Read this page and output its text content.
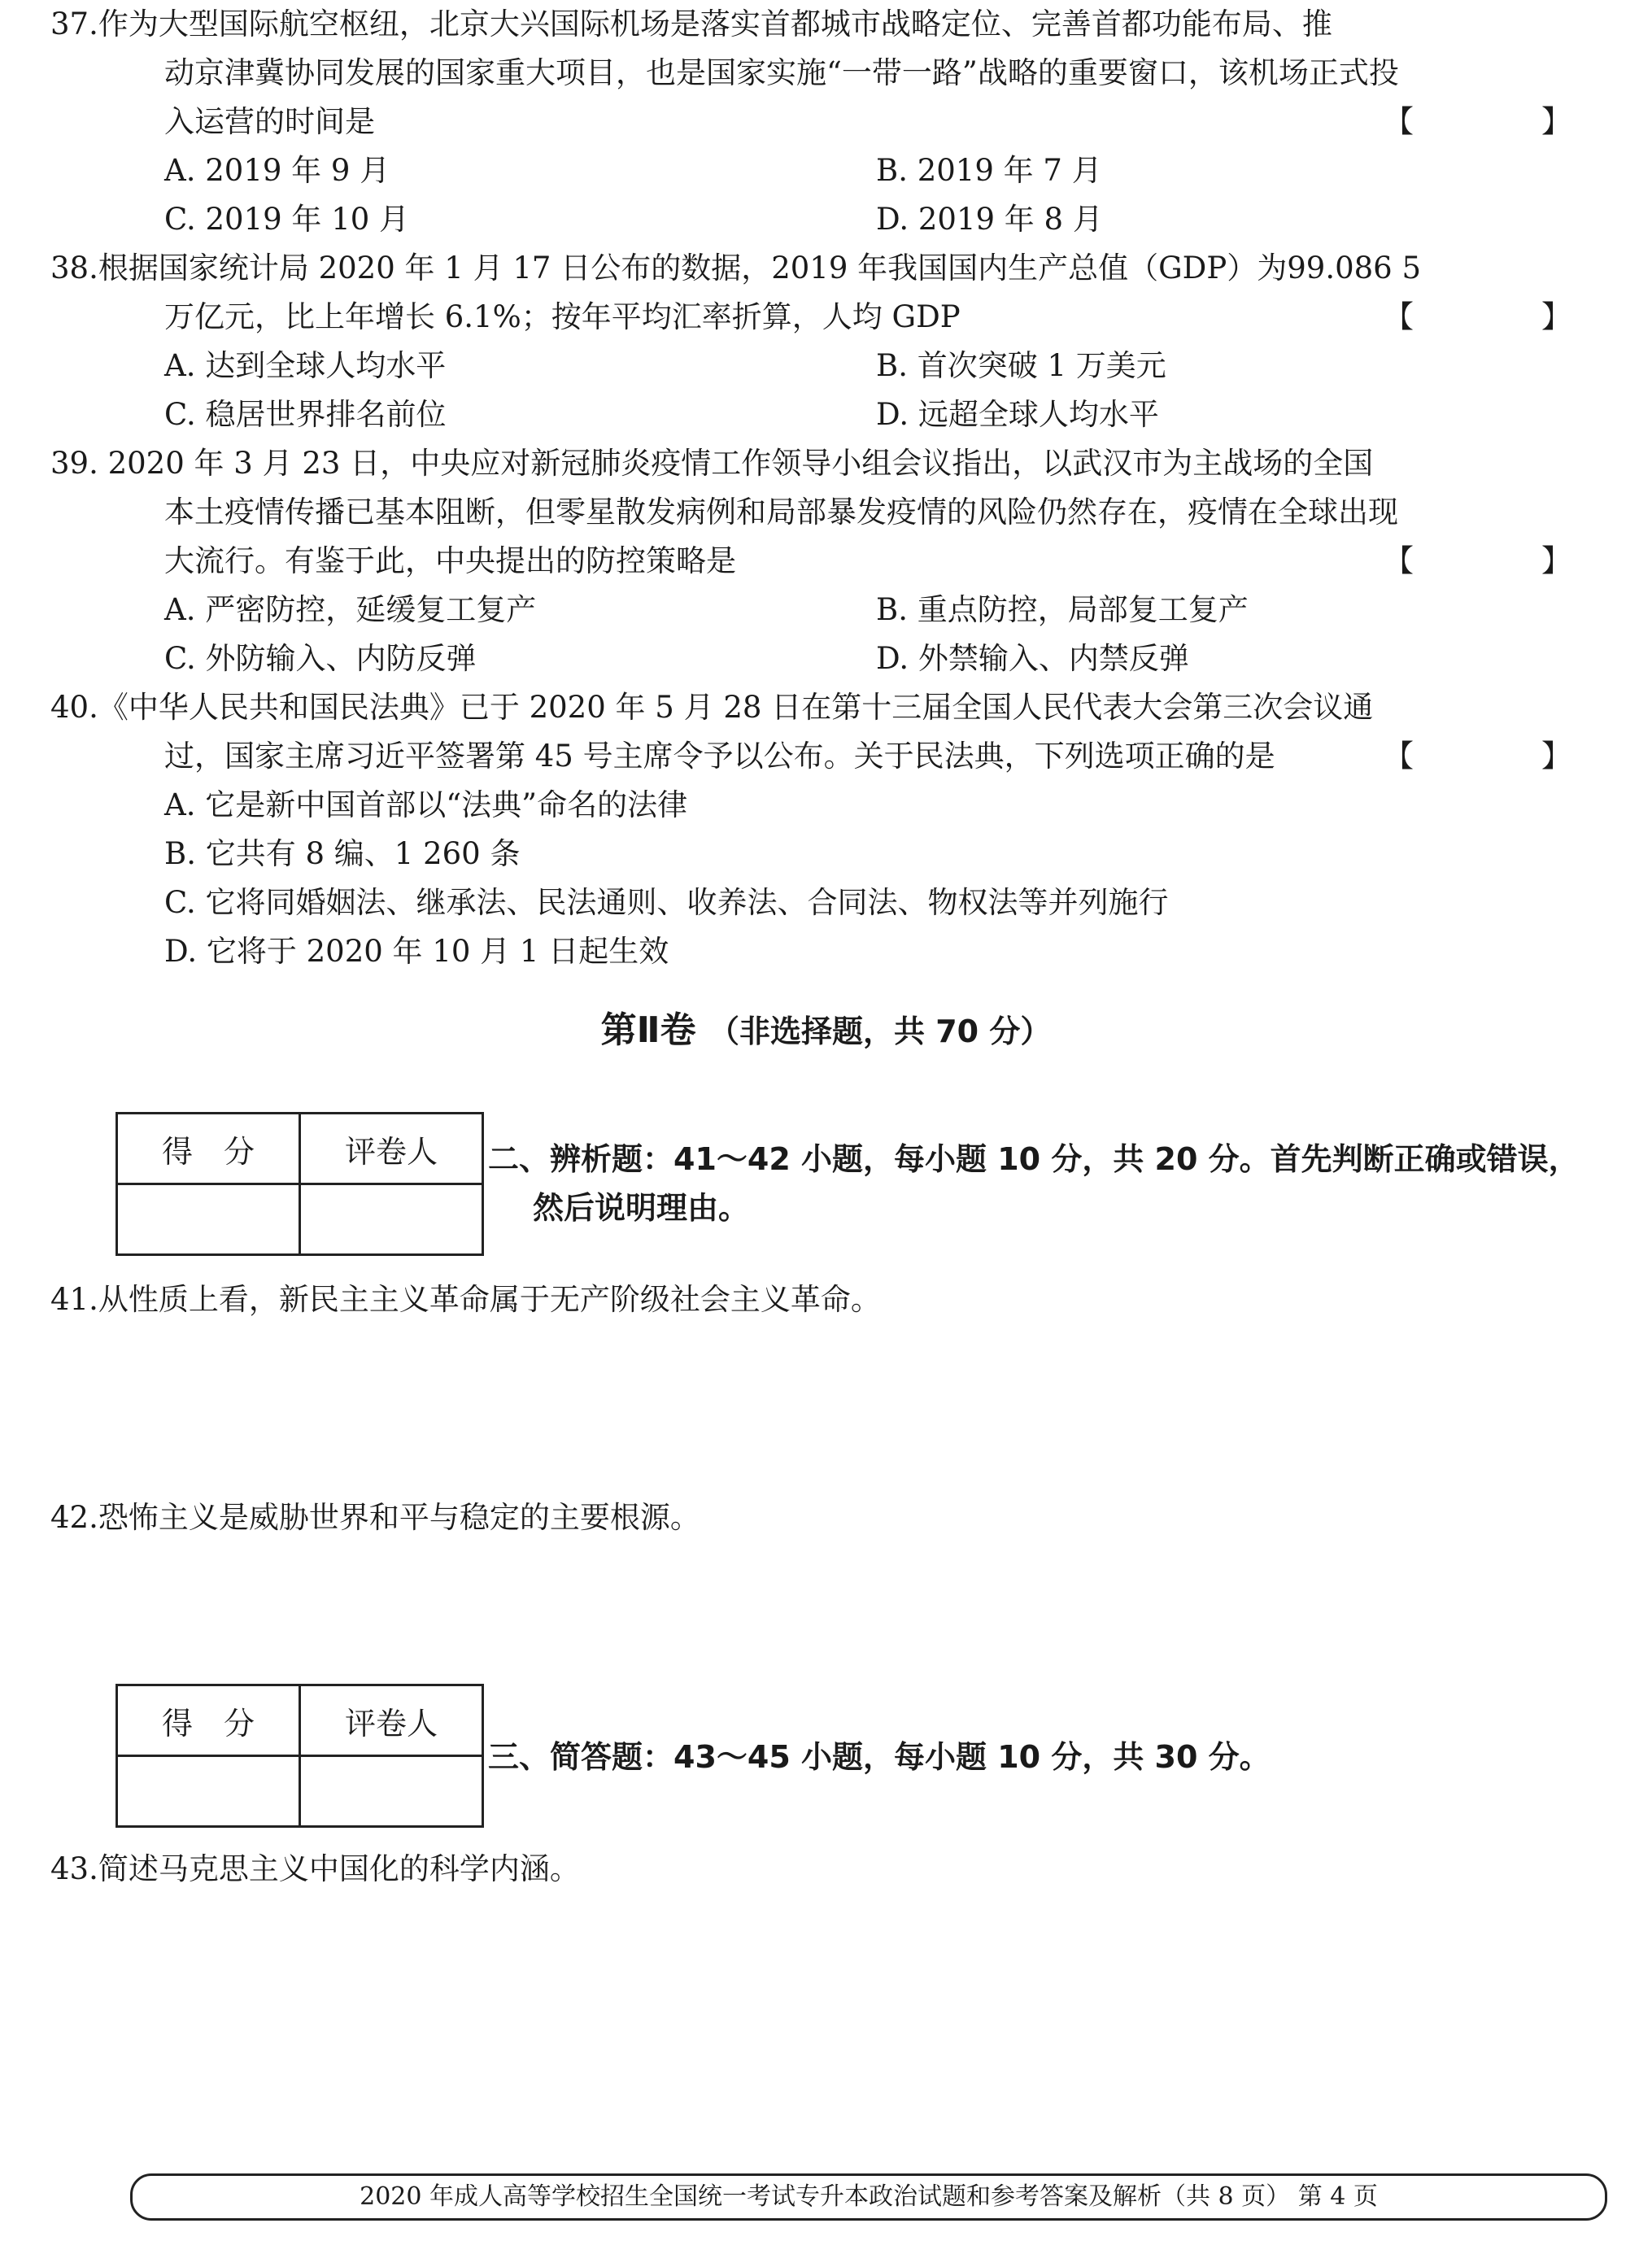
37.作为大型国际航空枢纽，北京大兴国际机场是落实首都城市战略定位、完善首都功能布局、推
动京津冀协同发展的国家重大项目，也是国家实施“一带一路”战略的重要窗口，该机场正式投
入运营的时间是	【　】
A. 2019 年 9 月	B. 2019 年 7 月
C. 2019 年 10 月	D. 2019 年 8 月
38.根据国家统计局 2020 年 1 月 17 日公布的数据，2019 年我国国内生产总值（GDP）为99.086 5
万亿元，比上年增长 6.1%；按年平均汇率折算，人均 GDP	【　】
A. 达到全球人均水平	B. 首次突破 1 万美元
C. 稳居世界排名前位	D. 远超全球人均水平
39. 2020 年 3 月 23 日，中央应对新冠肺炎疫情工作领导小组会议指出，以武汉市为主战场的全国
本土疫情传播已基本阻断，但零星散发病例和局部暴发疫情的风险仍然存在，疫情在全球出现
大流行。有鉴于此，中央提出的防控策略是	【　】
A. 严密防控，延缓复工复产	B. 重点防控，局部复工复产
C. 外防输入、内防反弹	D. 外禁输入、内禁反弹
40.《中华人民共和国民法典》已于 2020 年 5 月 28 日在第十三届全国人民代表大会第三次会议通
过，国家主席习近平签署第 45 号主席令予以公布。关于民法典，下列选项正确的是	【　】
A. 它是新中国首部以“法典”命名的法律
B. 它共有 8 编、1 260 条
C. 它将同婚姻法、继承法、民法通则、收养法、合同法、物权法等并列施行
D. 它将于 2020 年 10 月 1 日起生效
第Ⅱ卷 （非选择题，共 70 分）
得　分	评卷人
	二、辨析题：41～42 小题，每小题 10 分，共 20 分。首先判断正确或错误，
然后说明理由。
41.从性质上看，新民主主义革命属于无产阶级社会主义革命。
42.恐怖主义是威胁世界和平与稳定的主要根源。
得　分	评卷人

三、简答题：43～45 小题，每小题 10 分，共 30 分。
43.简述马克思主义中国化的科学内涵。
2020 年成人高等学校招生全国统一考试专升本政治试题和参考答案及解析（共 8 页） 第 4 页
